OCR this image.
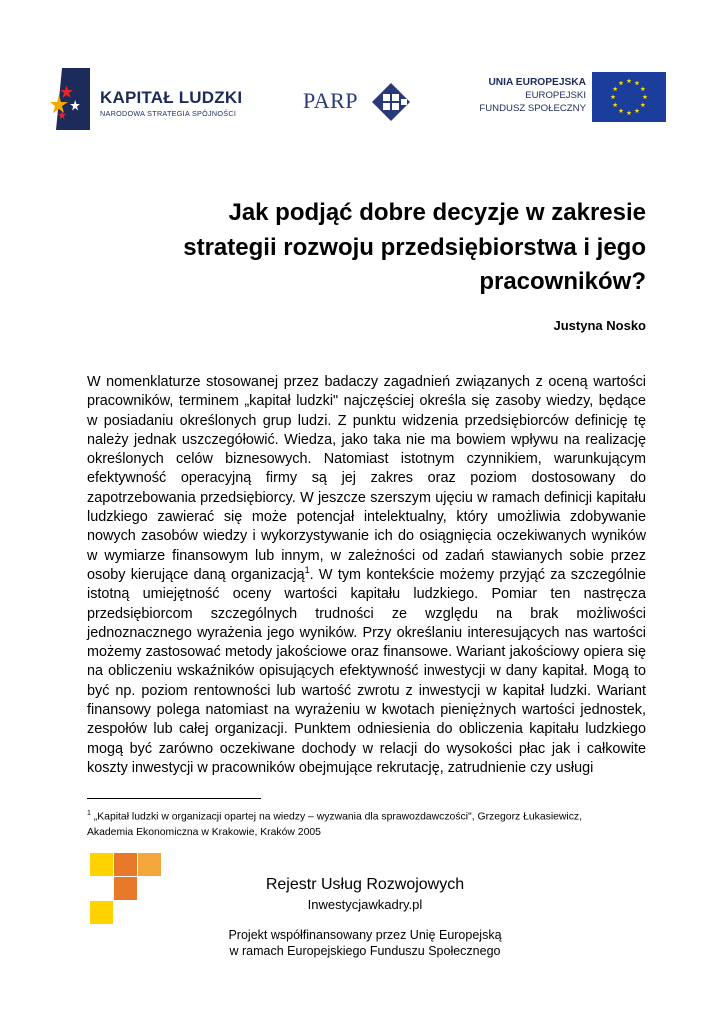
KAPITAŁ LUDZKI
NARODOWA STRATEGIA SPÓJNOŚCI
PARP
UNIA EUROPEJSKA
EUROPEJSKI
FUNDUSZ SPOŁECZNY
Jak podjąć dobre decyzje w zakresie
strategii rozwoju przedsiębiorstwa i jego
pracowników?
Justyna Nosko
W nomenklaturze stosowanej przez badaczy zagadnień związanych z oceną wartości pracowników, terminem „kapitał ludzki" najczęściej określa się zasoby wiedzy, będące w posiadaniu określonych grup ludzi. Z punktu widzenia przedsiębiorców definicję tę należy jednak uszczegółowić. Wiedza, jako taka nie ma bowiem wpływu na realizację określonych celów biznesowych. Natomiast istotnym czynnikiem, warunkującym efektywność operacyjną firmy są jej zakres oraz poziom dostosowany do zapotrzebowania przedsiębiorcy. W jeszcze szerszym ujęciu w ramach definicji kapitału ludzkiego zawierać się może potencjał intelektualny, który umożliwia zdobywanie nowych zasobów wiedzy i wykorzystywanie ich do osiągnięcia oczekiwanych wyników w wymiarze finansowym lub innym, w zależności od zadań stawianych sobie przez osoby kierujące daną organizacją$^1$. W tym kontekście możemy przyjąć za szczególnie istotną umiejętność oceny wartości kapitału ludzkiego. Pomiar ten nastręcza przedsiębiorcom szczególnych trudności ze względu na brak możliwości jednoznacznego wyrażenia jego wyników. Przy określaniu interesujących nas wartości możemy zastosować metody jakościowe oraz finansowe. Wariant jakościowy opiera się na obliczeniu wskaźników opisujących efektywność inwestycji w dany kapitał. Mogą to być np. poziom rentowności lub wartość zwrotu z inwestycji w kapitał ludzki. Wariant finansowy polega natomiast na wyrażeniu w kwotach pieniężnych wartości jednostek, zespołów lub całej organizacji. Punktem odniesienia do obliczenia kapitału ludzkiego mogą być zarówno oczekiwane dochody w relacji do wysokości płac jak i całkowite koszty inwestycji w pracowników obejmujące rekrutację, zatrudnienie czy usługi
$^1$ „Kapitał ludzki w organizacji opartej na wiedzy – wyzwania dla sprawozdawczości", Grzegorz Łukasiewicz,
Akademia Ekonomiczna w Krakowie, Kraków 2005
Rejestr Usług Rozwojowych
Inwestycjawkadry.pl
Projekt współfinansowany przez Unię Europejską
w ramach Europejskiego Funduszu Społecznego
